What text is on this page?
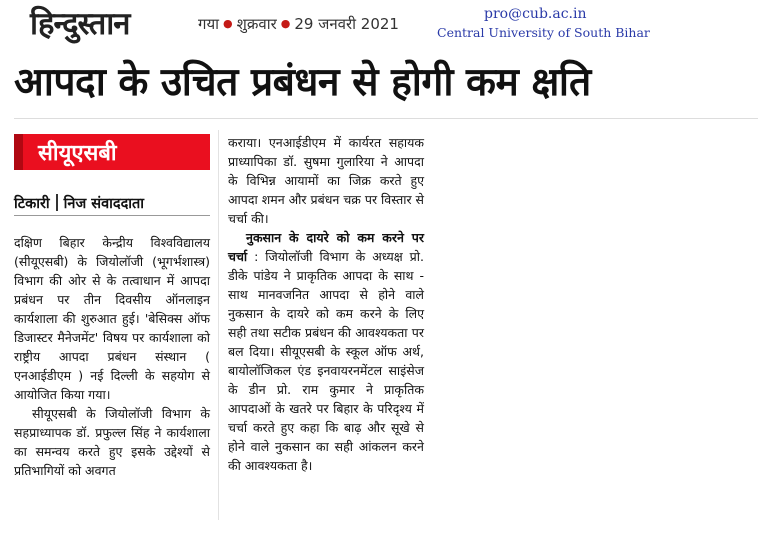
हिन्दुस्तान	गया ● शुक्रवार ● 29 जनवरी 2021
pro@cub.ac.in
Central University of South Bihar
आपदा के उचित प्रबंधन से होगी कम क्षति
सीयूएसबी
टिकारी निज संवाददाता

दक्षिण बिहार केन्द्रीय विश्वविद्यालय (सीयूएसबी) के जियोलॉजी (भूगर्भशास्त्र) विभाग की ओर से के तत्वाधान में आपदा प्रबंधन पर तीन दिवसीय ऑनलाइन कार्यशाला की शुरुआत हुई। 'बेसिक्स ऑफ डिजास्टर मैनेजमेंट' विषय पर कार्यशाला को राष्ट्रीय आपदा प्रबंधन संस्थान ( एनआईडीएम ) नई दिल्ली के सहयोग से आयोजित किया गया।

सीयूएसबी के जियोलॉजी विभाग के सहप्राध्यापक डॉ. प्रफुल्ल सिंह ने कार्यशाला का समन्वय करते हुए इसके उद्देश्यों से प्रतिभागियों को अवगत

कराया। एनआईडीएम में कार्यरत सहायक प्राध्यापिका डॉ. सुषमा गुलारिया ने आपदा के विभिन्न आयामों का जिक्र करते हुए आपदा शमन और प्रबंधन चक्र पर विस्तार से चर्चा की।

नुकसान के दायरे को कम करने पर चर्चा : जियोलॉजी विभाग के अध्यक्ष प्रो. डीके पांडेय ने प्राकृतिक आपदा के साथ - साथ मानवजनित आपदा से होने वाले नुकसान के दायरे को कम करने के लिए सही तथा सटीक प्रबंधन की आवश्यकता पर बल दिया। सीयूएसबी के स्कूल ऑफ अर्थ, बायोलॉजिकल एंड इनवायरनमेंटल साइंसेज के डीन प्रो. राम कुमार ने प्राकृतिक आपदाओं के खतरे पर बिहार के परिदृश्य में चर्चा करते हुए कहा कि बाढ़ और सूखे से होने वाले नुकसान का सही आंकलन करने की आवश्यकता है।
